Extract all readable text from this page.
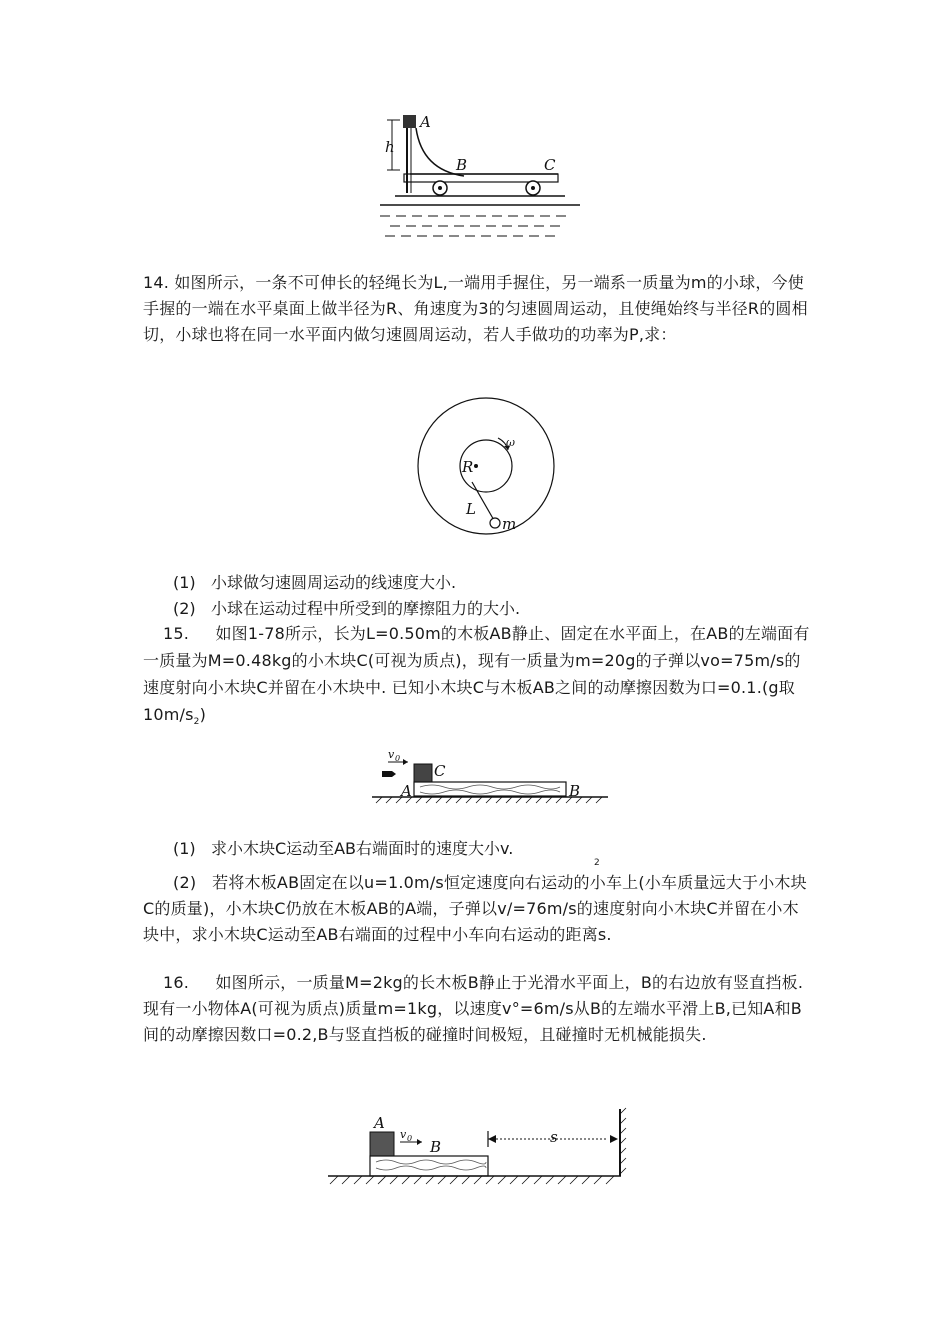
A
h
B	C
14. 如图所示，一条不可伸长的轻绳长为L,一端用手握住，另一端系一质量为m的小球，今使手握的一端在水平桌面上做半径为R、角速度为3的匀速圆周运动，且使绳始终与半径R的圆相切，小球也将在同一水平面内做匀速圆周运动，若人手做功的功率为P,求：
R
ω
L
m
(1) 小球做匀速圆周运动的线速度大小.
(2) 小球在运动过程中所受到的摩擦阻力的大小.
15. 如图1-78所示，长为L=0.50m的木板AB静止、固定在水平面上，在AB的左端面有一质量为M=0.48kg的小木块C(可视为质点)，现有一质量为m=20g的子弹以vo=75m/s的速度射向小木块C并留在小木块中. 已知小木块C与木板AB之间的动摩擦因数为口=0.1.(g取$10m/s_2$)
v 0
C
A	B
(1) 求小木块C运动至AB右端面时的速度大小v.
2
(2) 若将木板AB固定在以u=1.0m/s恒定速度向右运动的小车上(小车质量远大于小木块C的质量)，小木块C仍放在木板AB的A端，子弹以v/=76m/s的速度射向小木块C并留在小木块中，求小木块C运动至AB右端面的过程中小车向右运动的距离s.
16. 如图所示，一质量M=2kg的长木板B静止于光滑水平面上，B的右边放有竖直挡板. 现有一小物体A(可视为质点)质量m=1kg，以速度v°=6m/s从B的左端水平滑上B,已知A和B间的动摩擦因数口=0.2,B与竖直挡板的碰撞时间极短，且碰撞时无机械能损失.
A
v 0 B
s
